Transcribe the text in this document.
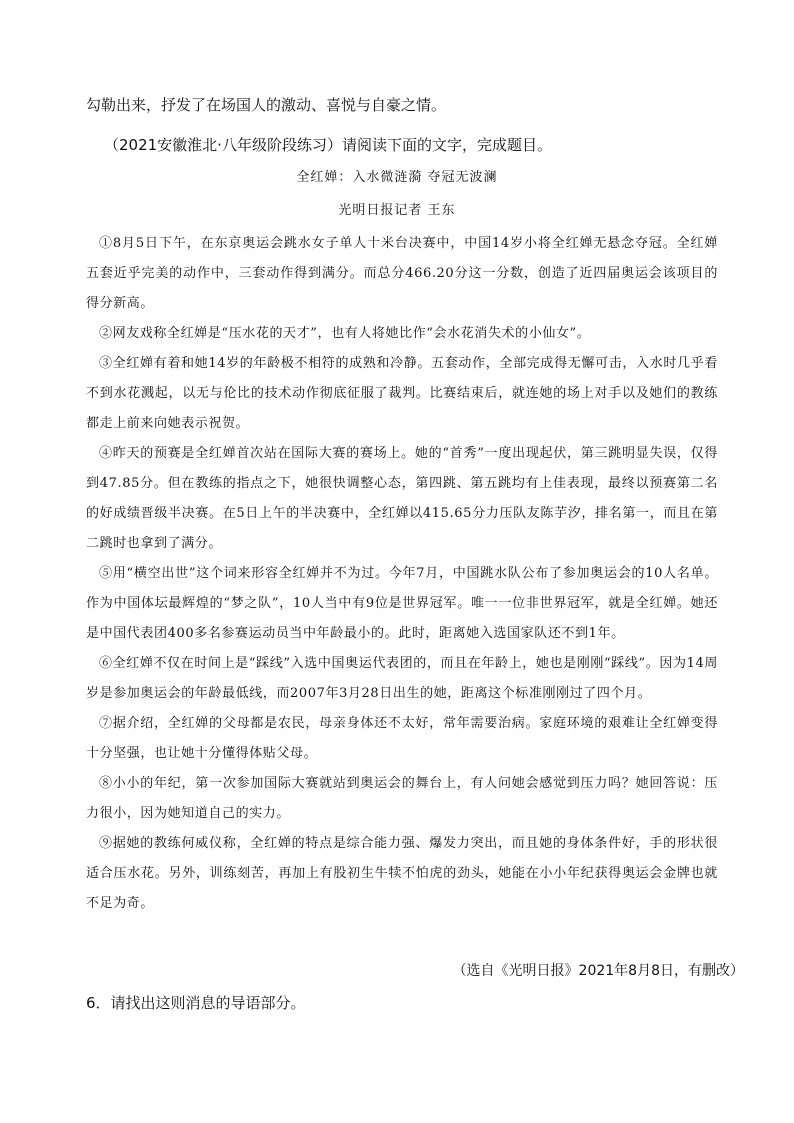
勾勒出来，抒发了在场国人的激动、喜悦与自豪之情。
（2021安徽淮北·八年级阶段练习）请阅读下面的文字，完成题目。
全红婵：入水微涟漪 夺冠无波澜
光明日报记者 王东

①8月5日下午，在东京奥运会跳水女子单人十米台决赛中，中国14岁小将全红婵无悬念夺冠。全红婵五套近乎完美的动作中，三套动作得到满分。而总分466.20分这一分数，创造了近四届奥运会该项目的得分新高。

②网友戏称全红婵是“压水花的天才”，也有人将她比作“会水花消失术的小仙女”。

③全红婵有着和她14岁的年龄极不相符的成熟和冷静。五套动作，全部完成得无懈可击，入水时几乎看不到水花溅起，以无与伦比的技术动作彻底征服了裁判。比赛结束后，就连她的场上对手以及她们的教练都走上前来向她表示祝贺。

④昨天的预赛是全红婵首次站在国际大赛的赛场上。她的“首秀”一度出现起伏，第三跳明显失误，仅得到47.85分。但在教练的指点之下，她很快调整心态，第四跳、第五跳均有上佳表现，最终以预赛第二名的好成绩晋级半决赛。在5日上午的半决赛中，全红婵以415.65分力压队友陈芋汐，排名第一，而且在第二跳时也拿到了满分。

⑤用“横空出世”这个词来形容全红婵并不为过。今年7月，中国跳水队公布了参加奥运会的10人名单。作为中国体坛最辉煌的“梦之队”，10人当中有9位是世界冠军。唯一一位非世界冠军，就是全红婵。她还是中国代表团400多名参赛运动员当中年龄最小的。此时，距离她入选国家队还不到1年。

⑥全红婵不仅在时间上是“踩线”入选中国奥运代表团的，而且在年龄上，她也是刚刚“踩线”。因为14周岁是参加奥运会的年龄最低线，而2007年3月28日出生的她，距离这个标准刚刚过了四个月。

⑦据介绍，全红婵的父母都是农民，母亲身体还不太好，常年需要治病。家庭环境的艰难让全红婵变得十分坚强，也让她十分懂得体贴父母。

⑧小小的年纪，第一次参加国际大赛就站到奥运会的舞台上，有人问她会感觉到压力吗？她回答说：压力很小，因为她知道自己的实力。

⑨据她的教练何威仪称，全红婵的特点是综合能力强、爆发力突出，而且她的身体条件好，手的形状很适合压水花。另外，训练刻苦，再加上有股初生牛犊不怕虎的劲头，她能在小小年纪获得奥运会金牌也就不足为奇。

（选自《光明日报》2021年8月8日，有删改）
6．请找出这则消息的导语部分。
